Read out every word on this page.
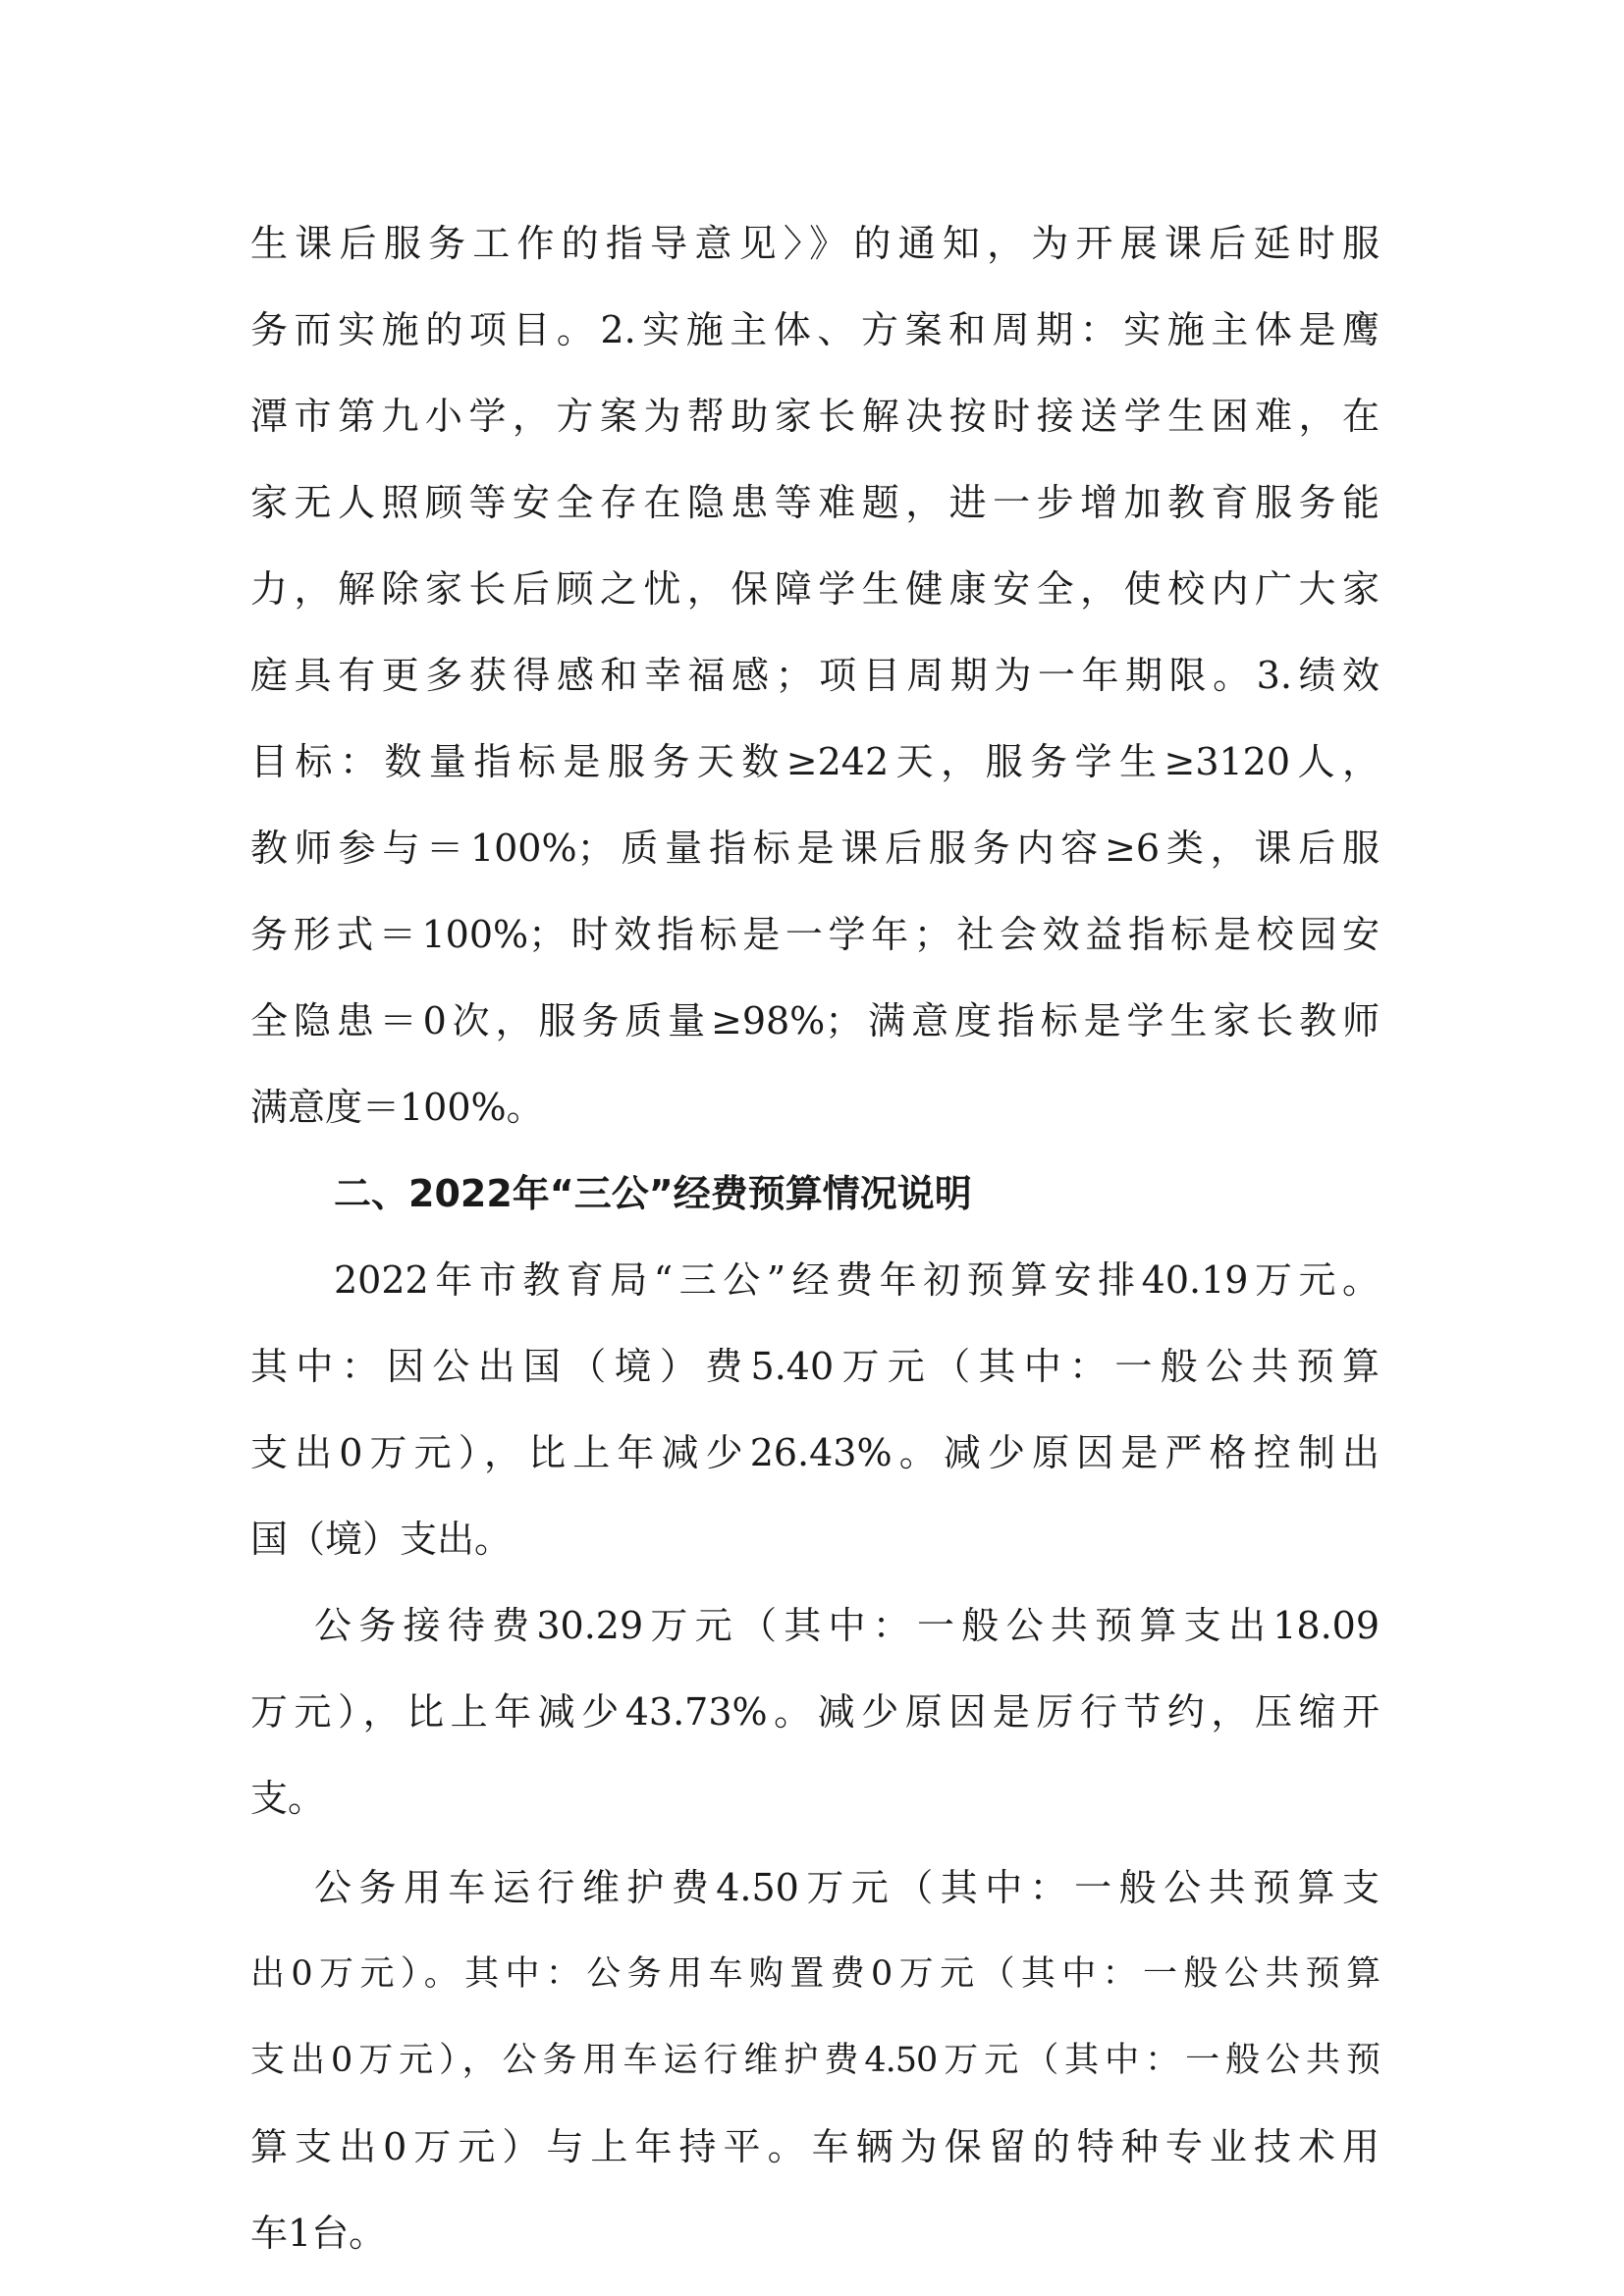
生课后服务工作的指导意见〉》的通知，为开展课后延时服
务而实施的项目。2.实施主体、方案和周期：实施主体是鹰
潭市第九小学，方案为帮助家长解决按时接送学生困难，在
家无人照顾等安全存在隐患等难题，进一步增加教育服务能
力，解除家长后顾之忧，保障学生健康安全，使校内广大家
庭具有更多获得感和幸福感；项目周期为一年期限。3.绩效
目标：数量指标是服务天数≥242天，服务学生≥3120人，
教师参与＝100%；质量指标是课后服务内容≥6类，课后服
务形式＝100%；时效指标是一学年；社会效益指标是校园安
全隐患＝0次，服务质量≥98%；满意度指标是学生家长教师
满意度＝100%。
二、2022年“三公”经费预算情况说明
2022年市教育局“三公”经费年初预算安排40.19万元。
其中：因公出国（境）费5.40万元（其中：一般公共预算
支出0万元），比上年减少26.43%。减少原因是严格控制出
国（境）支出。
公务接待费30.29万元（其中：一般公共预算支出18.09
万元），比上年减少43.73%。减少原因是厉行节约，压缩开
支。
公务用车运行维护费4.50万元（其中：一般公共预算支
出0万元）。其中：公务用车购置费0万元（其中：一般公共预算
支出0万元），公务用车运行维护费4.50万元（其中：一般公共预
算支出0万元）与上年持平。车辆为保留的特种专业技术用
车1台。
